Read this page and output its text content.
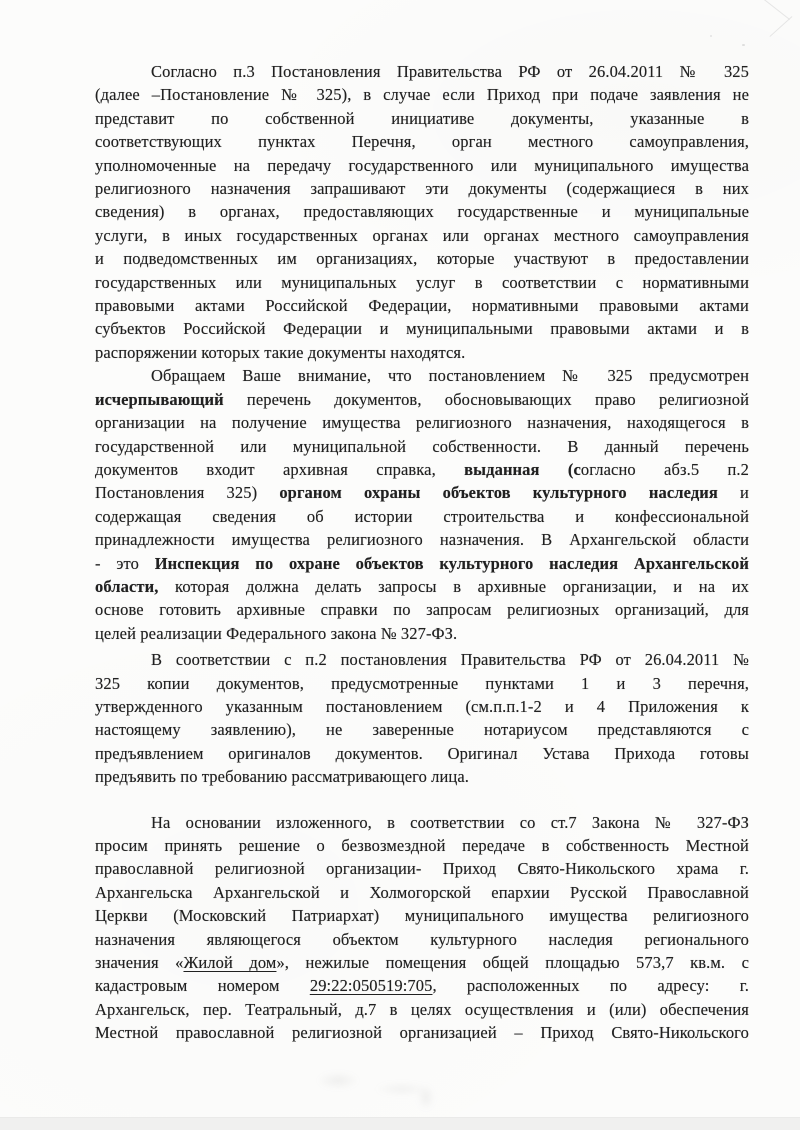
Согласно п.3 Постановления Правительства РФ от 26.04.2011 № 325
(далее –Постановление № 325), в случае если Приход при подаче заявления не
представит по собственной инициативе документы, указанные в
соответствующих пунктах Перечня, орган местного самоуправления,
уполномоченные на передачу государственного или муниципального имущества
религиозного назначения запрашивают эти документы (содержащиеся в них
сведения) в органах, предоставляющих государственные и муниципальные
услуги, в иных государственных органах или органах местного самоуправления
и подведомственных им организациях, которые участвуют в предоставлении
государственных или муниципальных услуг в соответствии с нормативными
правовыми актами Российской Федерации, нормативными правовыми актами
субъектов Российской Федерации и муниципальными правовыми актами и в
распоряжении которых такие документы находятся.
Обращаем Ваше внимание, что постановлением № 325 предусмотрен
исчерпывающий перечень документов, обосновывающих право религиозной
организации на получение имущества религиозного назначения, находящегося в
государственной или муниципальной собственности. В данный перечень
документов входит архивная справка, выданная (согласно абз.5 п.2
Постановления 325) органом охраны объектов культурного наследия и
содержащая сведения об истории строительства и конфессиональной
принадлежности имущества религиозного назначения. В Архангельской области
- это Инспекция по охране объектов культурного наследия Архангельской
области, которая должна делать запросы в архивные организации, и на их
основе готовить архивные справки по запросам религиозных организаций, для
целей реализации Федерального закона № 327-ФЗ.
В соответствии с п.2 постановления Правительства РФ от 26.04.2011 №
325 копии документов, предусмотренные пунктами 1 и 3 перечня,
утвержденного указанным постановлением (см.п.п.1-2 и 4 Приложения к
настоящему заявлению), не заверенные нотариусом представляются с
предъявлением оригиналов документов. Оригинал Устава Прихода готовы
предъявить по требованию рассматривающего лица.
На основании изложенного, в соответствии со ст.7 Закона № 327-ФЗ
просим принять решение о безвозмездной передаче в собственность Местной
православной религиозной организации- Приход Свято-Никольского храма г.
Архангельска Архангельской и Холмогорской епархии Русской Православной
Церкви (Московский Патриархат) муниципального имущества религиозного
назначения являющегося объектом культурного наследия регионального
значения «Жилой дом», нежилые помещения общей площадью 573,7 кв.м. с
кадастровым номером 29:22:050519:705, расположенных по адресу: г.
Архангельск, пер. Театральный, д.7 в целях осуществления и (или) обеспечения
Местной православной религиозной организацией – Приход Свято-Никольского
